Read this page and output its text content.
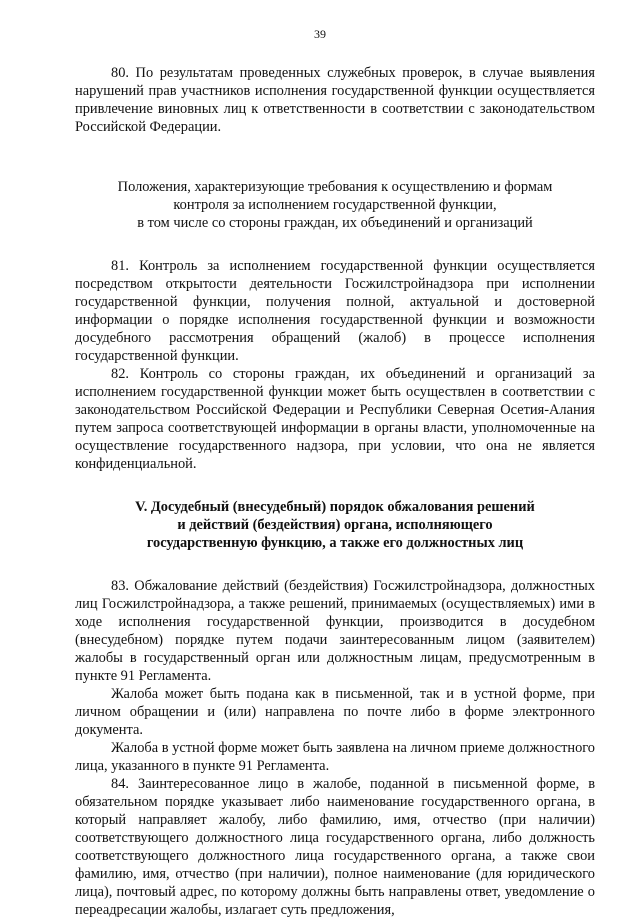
39

80. По результатам проведенных служебных проверок, в случае выявления нарушений прав участников исполнения государственной функции осуществляется привлечение виновных лиц к ответственности в соответствии с законодательством Российской Федерации.

Положения, характеризующие требования к осуществлению и формам

контроля за исполнением государственной функции,

в том числе со стороны граждан, их объединений и организаций

81. Контроль за исполнением государственной функции осуществляется посредством открытости деятельности Госжилстройнадзора при исполнении государственной функции, получения полной, актуальной и достоверной информации о порядке исполнения государственной функции и возможности досудебного рассмотрения обращений (жалоб) в процессе исполнения государственной функции.

82. Контроль со стороны граждан, их объединений и организаций за исполнением государственной функции может быть осуществлен в соответствии с законодательством Российской Федерации и Республики Северная Осетия-Алания путем запроса соответствующей информации в органы власти, уполномоченные на осуществление государственного надзора, при условии, что она не является конфиденциальной.

V. Досудебный (внесудебный) порядок обжалования решений

и действий (бездействия) органа, исполняющего

государственную функцию, а также его должностных лиц

83. Обжалование действий (бездействия) Госжилстройнадзора, должностных лиц Госжилстройнадзора, а также решений, принимаемых (осуществляемых) ими в ходе исполнения государственной функции, производится в досудебном (внесудебном) порядке путем подачи заинтересованным лицом (заявителем) жалобы в государственный орган или должностным лицам, предусмотренным в пункте 91 Регламента.

Жалоба может быть подана как в письменной, так и в устной форме, при личном обращении и (или) направлена по почте либо в форме электронного документа.

Жалоба в устной форме может быть заявлена на личном приеме должностного лица, указанного в пункте 91 Регламента.

84. Заинтересованное лицо в жалобе, поданной в письменной форме, в обязательном порядке указывает либо наименование государственного органа, в который направляет жалобу, либо фамилию, имя, отчество (при наличии) соответствующего должностного лица государственного органа, либо должность соответствующего должностного лица государственного органа, а также свои фамилию, имя, отчество (при наличии), полное наименование (для юридического лица), почтовый адрес, по которому должны быть направлены ответ, уведомление о переадресации жалобы, излагает суть предложения,
